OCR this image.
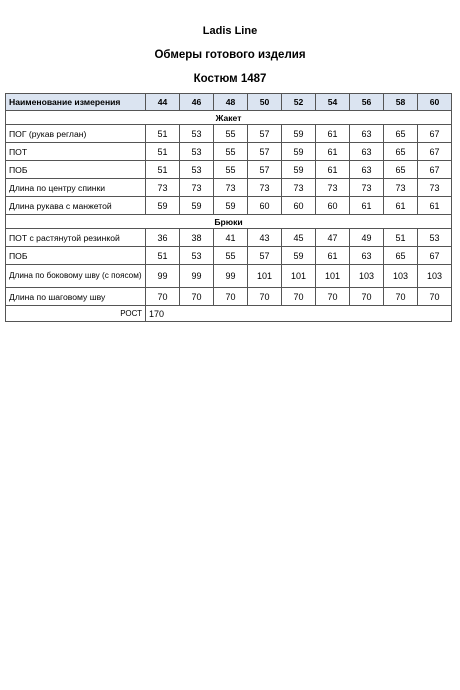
Ladis Line
Обмеры готового изделия
Костюм 1487
Наименование измерения	44	46	48	50	52	54	56	58	60
Жакет									
ПОГ (рукав реглан)	51	53	55	57	59	61	63	65	67
ПОТ	51	53	55	57	59	61	63	65	67
ПОБ	51	53	55	57	59	61	63	65	67
Длина по центру спинки	73	73	73	73	73	73	73	73	73
Длина рукава с манжетой	59	59	59	60	60	60	61	61	61
Брюки									
ПОТ с растянутой резинкой	36	38	41	43	45	47	49	51	53
ПОБ	51	53	55	57	59	61	63	65	67
Длина по боковому шву (с поясом)	99	99	99	101	101	101	103	103	103
Длина по шаговому шву	70	70	70	70	70	70	70	70	70
РОСТ	170								
